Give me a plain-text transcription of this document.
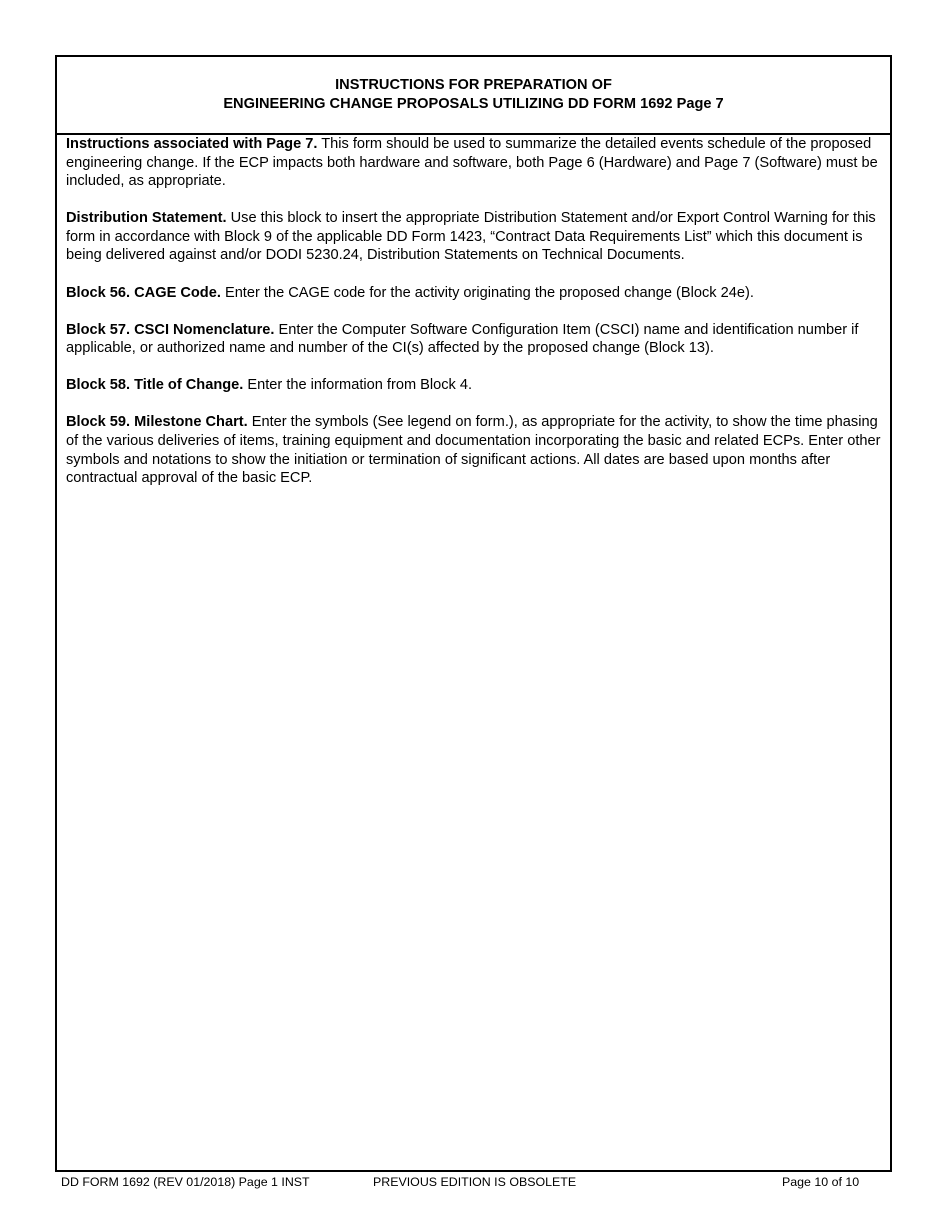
INSTRUCTIONS FOR PREPARATION OF
ENGINEERING CHANGE PROPOSALS UTILIZING DD FORM 1692 Page 7

Instructions associated with Page 7. This form should be used to summarize the detailed events schedule of the proposed engineering change. If the ECP impacts both hardware and software, both Page 6 (Hardware) and Page 7 (Software) must be included, as appropriate.

Distribution Statement. Use this block to insert the appropriate Distribution Statement and/or Export Control Warning for this form in accordance with Block 9 of the applicable DD Form 1423, “Contract Data Requirements List” which this document is being delivered against and/or DODI 5230.24, Distribution Statements on Technical Documents.

Block 56. CAGE Code. Enter the CAGE code for the activity originating the proposed change (Block 24e).

Block 57. CSCI Nomenclature. Enter the Computer Software Configuration Item (CSCI) name and identification number if applicable, or authorized name and number of the CI(s) affected by the proposed change (Block 13).

Block 58. Title of Change. Enter the information from Block 4.

Block 59. Milestone Chart. Enter the symbols (See legend on form.), as appropriate for the activity, to show the time phasing of the various deliveries of items, training equipment and documentation incorporating the basic and related ECPs. Enter other symbols and notations to show the initiation or termination of significant actions. All dates are based upon months after contractual approval of the basic ECP.

DD FORM 1692 (REV 01/2018) Page 1 INST	PREVIOUS EDITION IS OBSOLETE	Page 10 of 10
